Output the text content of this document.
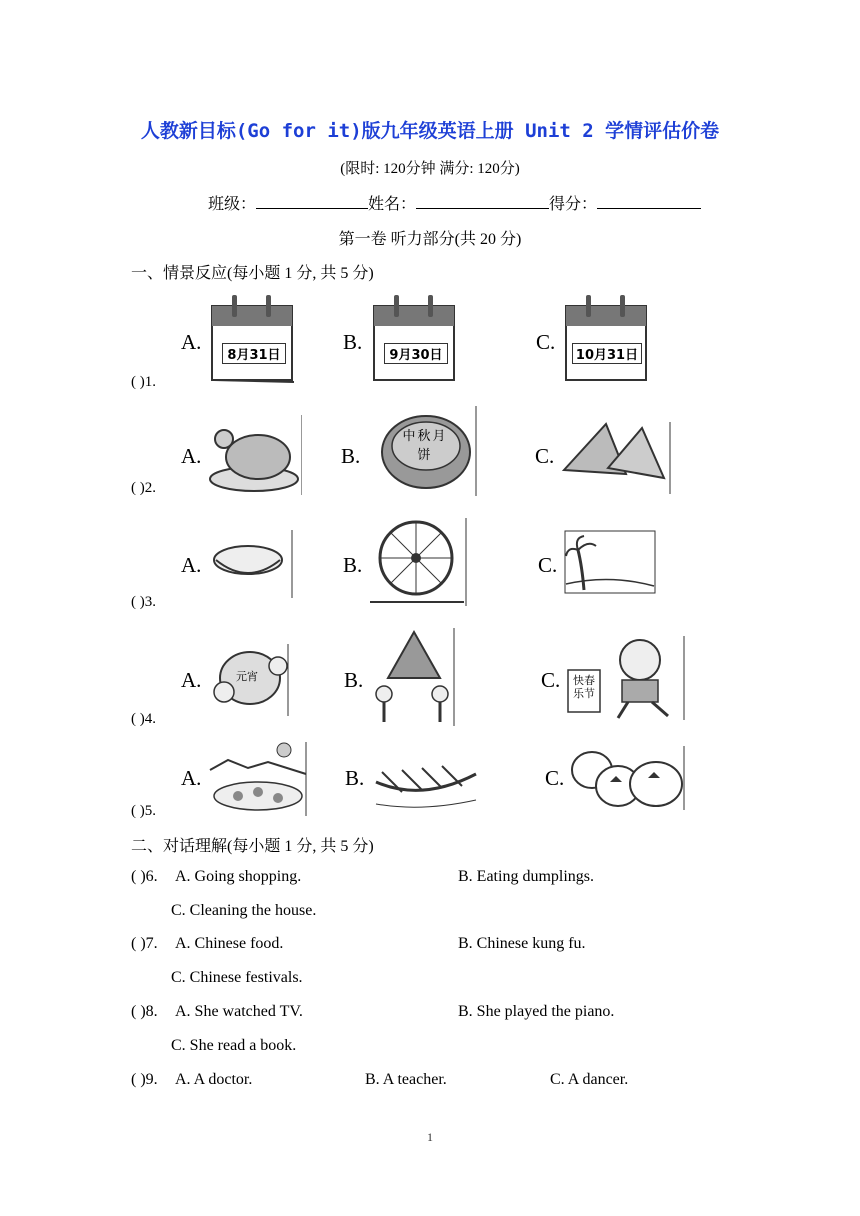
人教新目标(Go for it)版九年级英语上册 Unit 2 学情评估价卷
(限时: 120分钟 满分: 120分)
班级：	姓名：	得分：
第一卷 听力部分(共 20 分)
一、情景反应(每小题 1 分, 共 5 分)
A.
8月31日
B.
9月30日
C.
10月31日
( )1.
A.	B.
中秋月饼	C.
( )2.
A.	B.	C.
( )3.
A.	元宵	B.	C. 快春乐节
( )4.
A.	B.	C.
( )5.
二、对话理解(每小题 1 分, 共 5 分)
( )6. A. Going shopping.	B. Eating dumplings.
C. Cleaning the house.
( )7. A. Chinese food.	B. Chinese kung fu.
C. Chinese festivals.
( )8. A. She watched TV.	B. She played the piano.
C. She read a book.
( )9. A. A doctor.	B. A teacher.	C. A dancer.
1
